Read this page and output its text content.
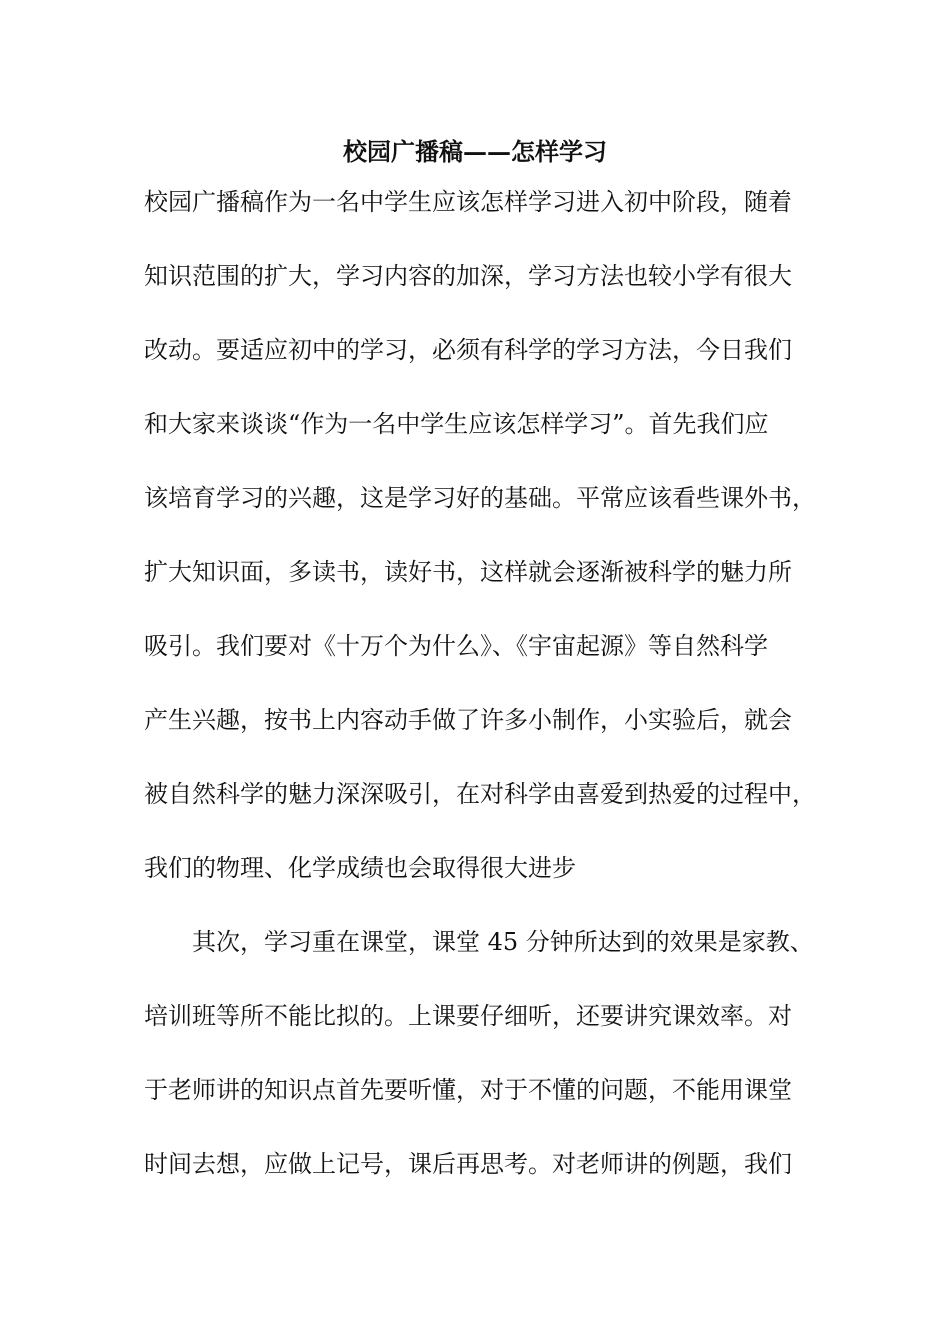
校园广播稿——怎样学习
校园广播稿作为一名中学生应该怎样学习进入初中阶段，随着
知识范围的扩大，学习内容的加深，学习方法也较小学有很大
改动。要适应初中的学习，必须有科学的学习方法，今日我们
和大家来谈谈“作为一名中学生应该怎样学习”。首先我们应
该培育学习的兴趣，这是学习好的基础。平常应该看些课外书，
扩大知识面，多读书，读好书，这样就会逐渐被科学的魅力所
吸引。我们要对《十万个为什么》、《宇宙起源》等自然科学
产生兴趣，按书上内容动手做了许多小制作，小实验后，就会
被自然科学的魅力深深吸引，在对科学由喜爱到热爱的过程中，
我们的物理、化学成绩也会取得很大进步
其次，学习重在课堂，课堂 45 分钟所达到的效果是家教、
培训班等所不能比拟的。上课要仔细听，还要讲究课效率。对
于老师讲的知识点首先要听懂，对于不懂的问题，不能用课堂
时间去想，应做上记号，课后再思考。对老师讲的例题，我们
